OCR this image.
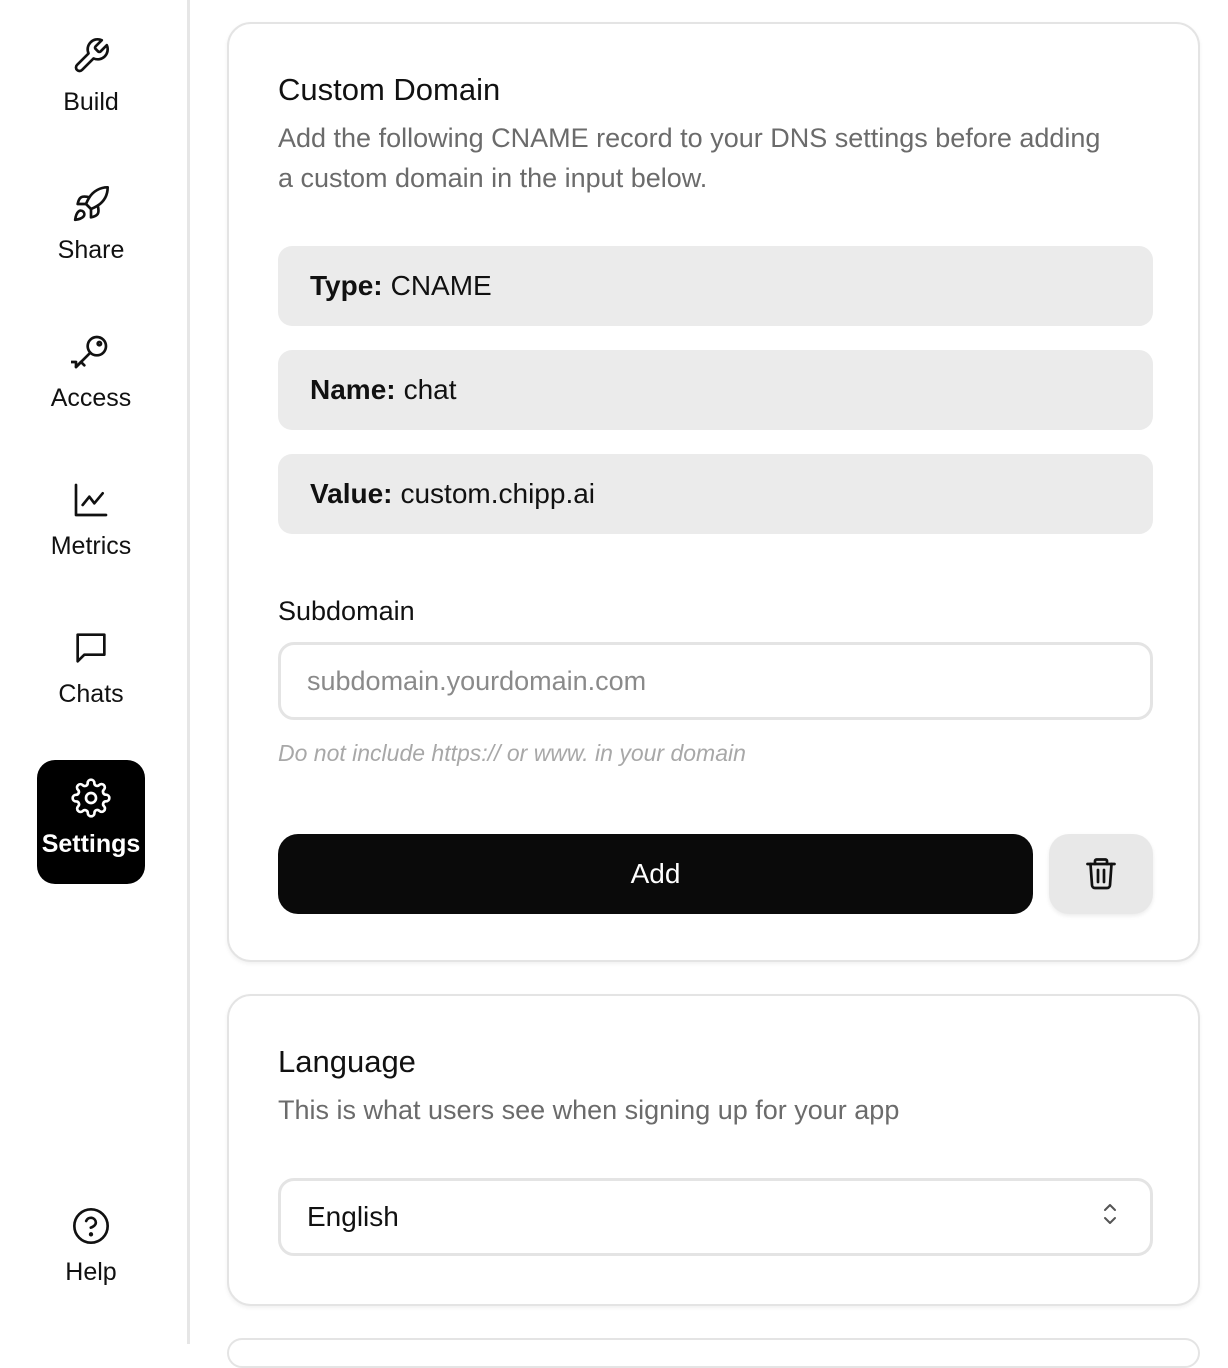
Build
Share
Access
Metrics
Chats
Settings
Help
Custom Domain

Add the following CNAME record to your DNS settings before adding a custom domain in the input below.

Type: CNAME
Name: chat
Value: custom.chipp.ai
Subdomain
subdomain.yourdomain.com

Do not include https:// or www. in your domain

Add
Language

This is what users see when signing up for your app

English
